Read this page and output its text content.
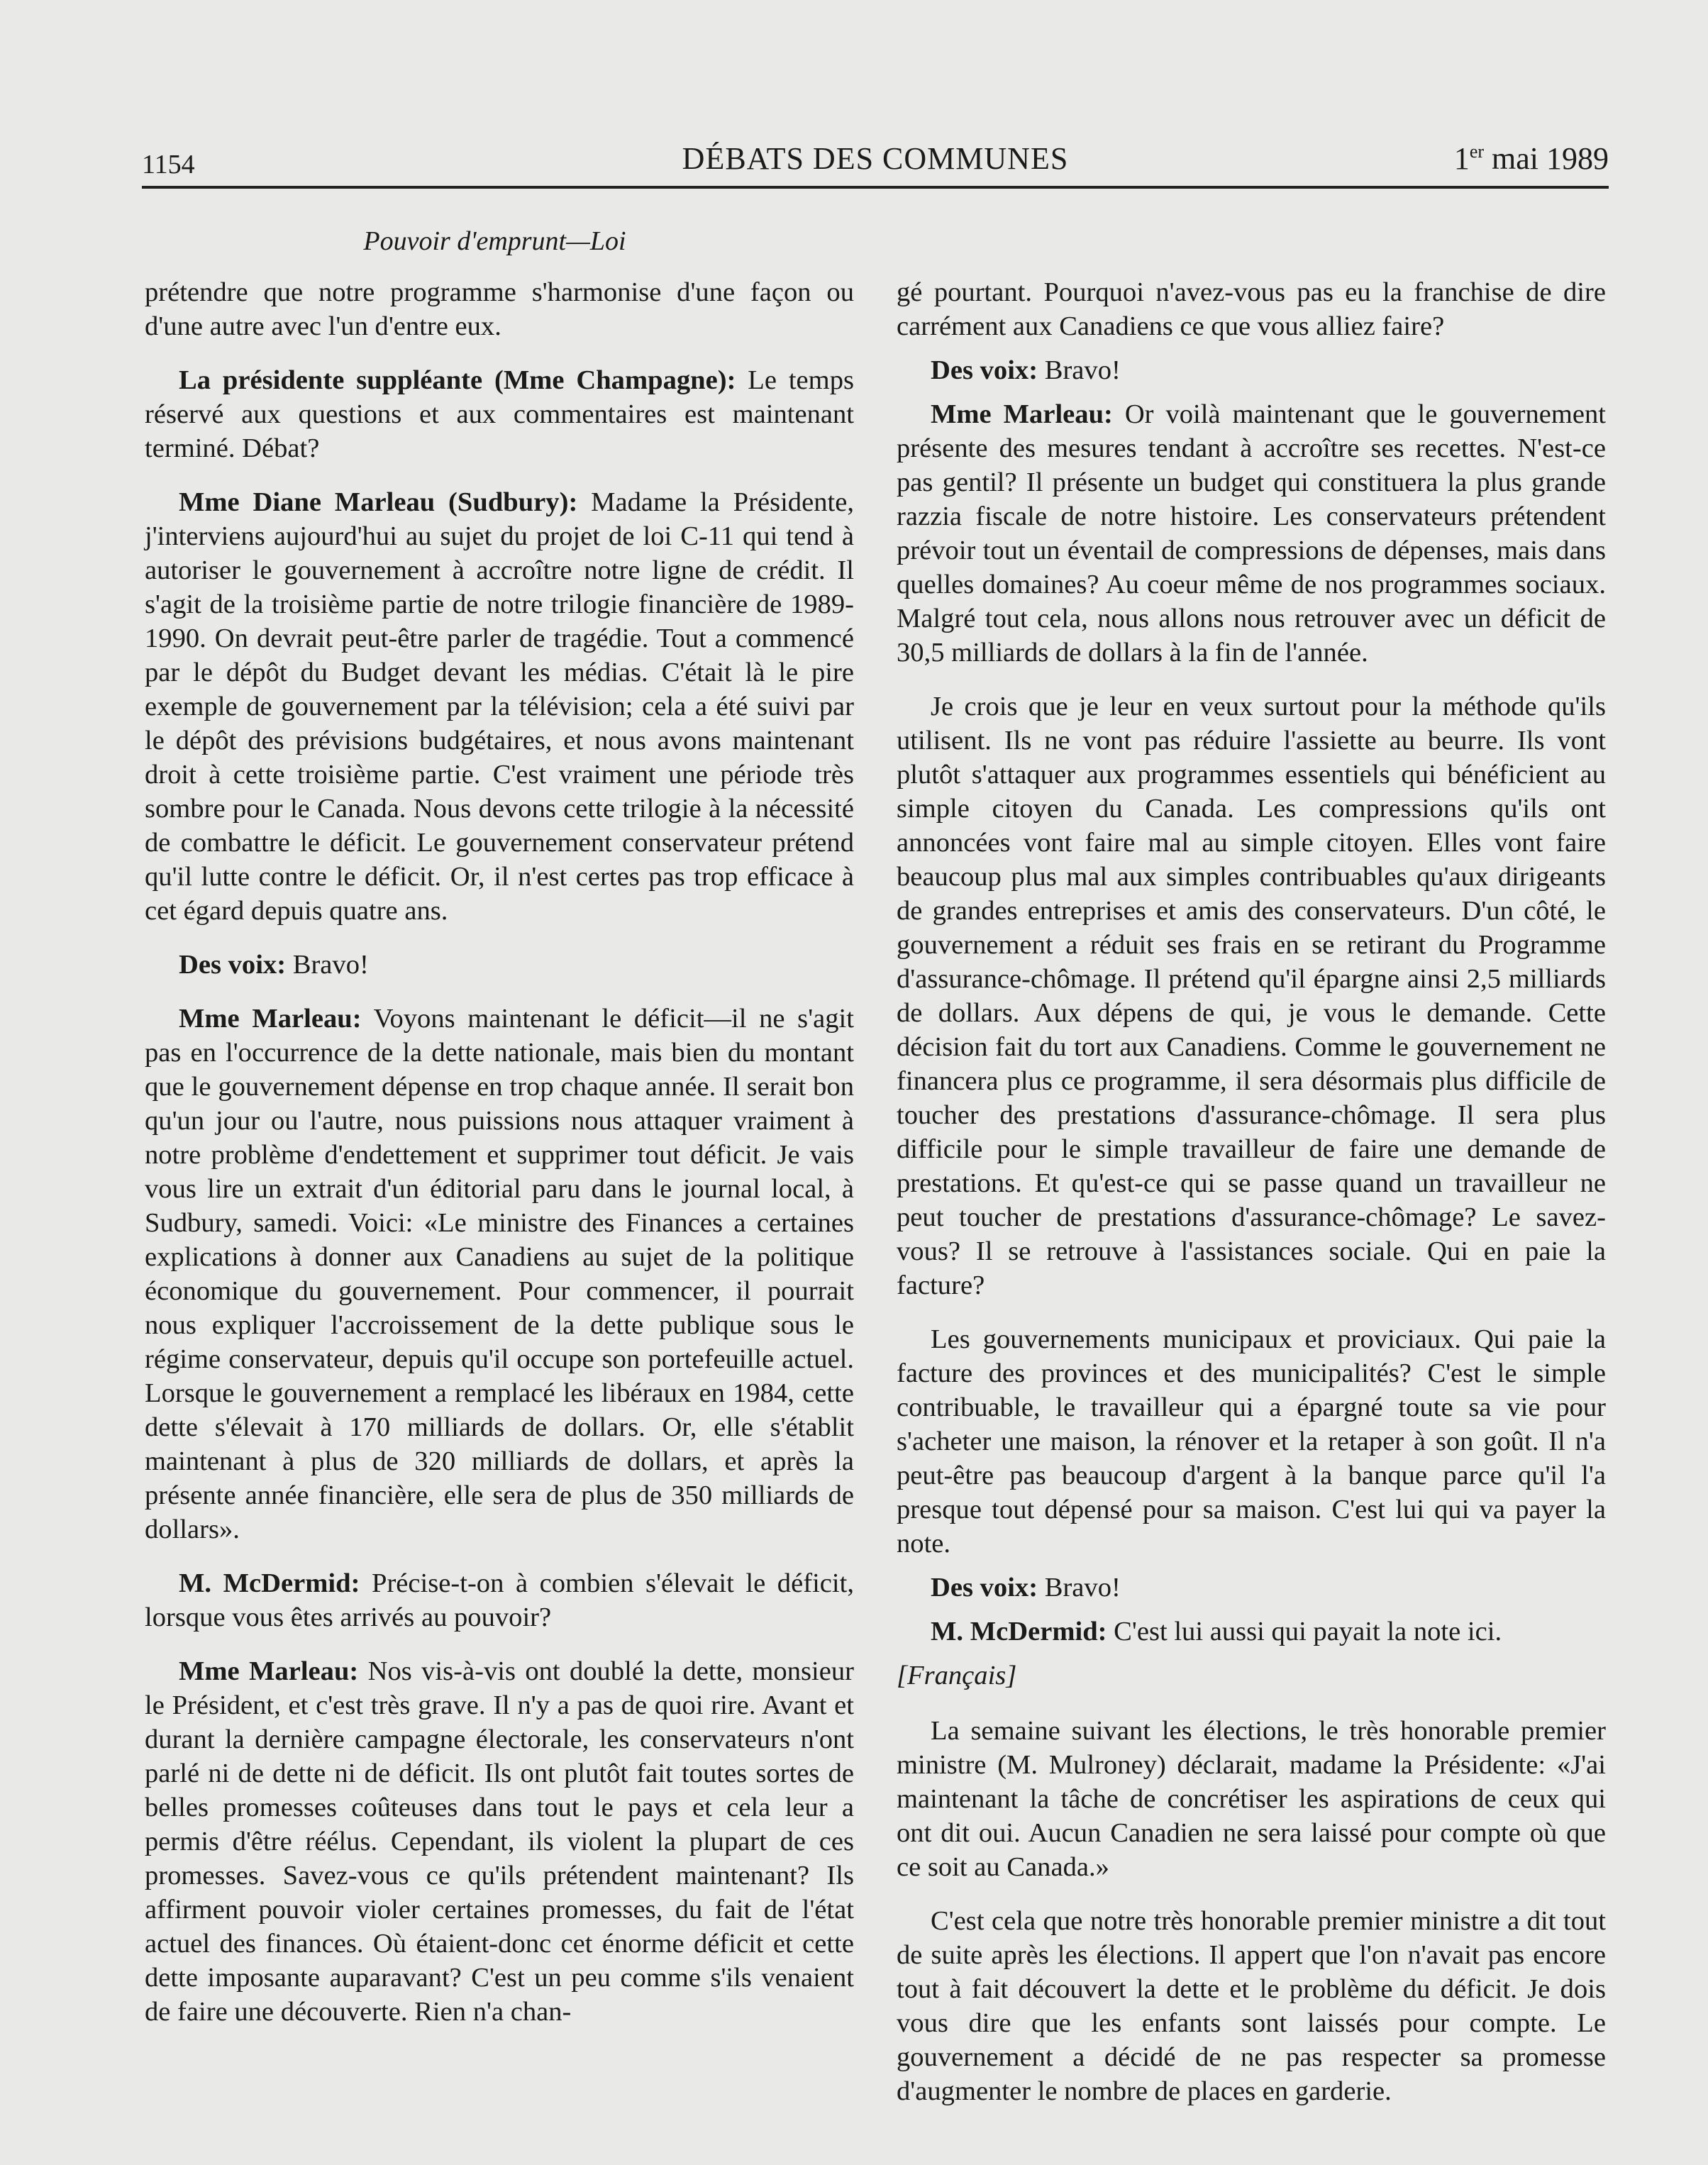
1154	DÉBATS DES COMMUNES	1er mai 1989
Pouvoir d'emprunt—Loi

prétendre que notre programme s'harmonise d'une façon ou d'une autre avec l'un d'entre eux.

La présidente suppléante (Mme Champagne): Le temps réservé aux questions et aux commentaires est maintenant terminé. Débat?

Mme Diane Marleau (Sudbury): Madame la Présidente, j'interviens aujourd'hui au sujet du projet de loi C-11 qui tend à autoriser le gouvernement à accroître notre ligne de crédit. Il s'agit de la troisième partie de notre trilogie financière de 1989-1990. On devrait peut-être parler de tragédie. Tout a commencé par le dépôt du Budget devant les médias. C'était là le pire exemple de gouvernement par la télévision; cela a été suivi par le dépôt des prévisions budgétaires, et nous avons maintenant droit à cette troisième partie. C'est vraiment une période très sombre pour le Canada. Nous devons cette trilogie à la nécessité de combattre le déficit. Le gouvernement conservateur prétend qu'il lutte contre le déficit. Or, il n'est certes pas trop efficace à cet égard depuis quatre ans.

Des voix: Bravo!

Mme Marleau: Voyons maintenant le déficit—il ne s'agit pas en l'occurrence de la dette nationale, mais bien du montant que le gouvernement dépense en trop chaque année. Il serait bon qu'un jour ou l'autre, nous puissions nous attaquer vraiment à notre problème d'endettement et supprimer tout déficit. Je vais vous lire un extrait d'un éditorial paru dans le journal local, à Sudbury, samedi. Voici: «Le ministre des Finances a certaines explications à donner aux Canadiens au sujet de la politique économique du gouvernement. Pour commencer, il pourrait nous expliquer l'accroissement de la dette publique sous le régime conservateur, depuis qu'il occupe son portefeuille actuel. Lorsque le gouvernement a remplacé les libéraux en 1984, cette dette s'élevait à 170 milliards de dollars. Or, elle s'établit maintenant à plus de 320 milliards de dollars, et après la présente année financière, elle sera de plus de 350 milliards de dollars».

M. McDermid: Précise-t-on à combien s'élevait le déficit, lorsque vous êtes arrivés au pouvoir?

Mme Marleau: Nos vis-à-vis ont doublé la dette, monsieur le Président, et c'est très grave. Il n'y a pas de quoi rire. Avant et durant la dernière campagne électorale, les conservateurs n'ont parlé ni de dette ni de déficit. Ils ont plutôt fait toutes sortes de belles promesses coûteuses dans tout le pays et cela leur a permis d'être réélus. Cependant, ils violent la plupart de ces promesses. Savez-vous ce qu'ils prétendent maintenant? Ils affirment pouvoir violer certaines promesses, du fait de l'état actuel des finances. Où étaient-donc cet énorme déficit et cette dette imposante auparavant? C'est un peu comme s'ils venaient de faire une découverte. Rien n'a chan-

gé pourtant. Pourquoi n'avez-vous pas eu la franchise de dire carrément aux Canadiens ce que vous alliez faire?

Des voix: Bravo!

Mme Marleau: Or voilà maintenant que le gouvernement présente des mesures tendant à accroître ses recettes. N'est-ce pas gentil? Il présente un budget qui constituera la plus grande razzia fiscale de notre histoire. Les conservateurs prétendent prévoir tout un éventail de compressions de dépenses, mais dans quelles domaines? Au coeur même de nos programmes sociaux. Malgré tout cela, nous allons nous retrouver avec un déficit de 30,5 milliards de dollars à la fin de l'année.

Je crois que je leur en veux surtout pour la méthode qu'ils utilisent. Ils ne vont pas réduire l'assiette au beurre. Ils vont plutôt s'attaquer aux programmes essentiels qui bénéficient au simple citoyen du Canada. Les compressions qu'ils ont annoncées vont faire mal au simple citoyen. Elles vont faire beaucoup plus mal aux simples contribuables qu'aux dirigeants de grandes entreprises et amis des conservateurs. D'un côté, le gouvernement a réduit ses frais en se retirant du Programme d'assurance-chômage. Il prétend qu'il épargne ainsi 2,5 milliards de dollars. Aux dépens de qui, je vous le demande. Cette décision fait du tort aux Canadiens. Comme le gouvernement ne financera plus ce programme, il sera désormais plus difficile de toucher des prestations d'assurance-chômage. Il sera plus difficile pour le simple travailleur de faire une demande de prestations. Et qu'est-ce qui se passe quand un travailleur ne peut toucher de prestations d'assurance-chômage? Le savez-vous? Il se retrouve à l'assistances sociale. Qui en paie la facture?

Les gouvernements municipaux et proviciaux. Qui paie la facture des provinces et des municipalités? C'est le simple contribuable, le travailleur qui a épargné toute sa vie pour s'acheter une maison, la rénover et la retaper à son goût. Il n'a peut-être pas beaucoup d'argent à la banque parce qu'il l'a presque tout dépensé pour sa maison. C'est lui qui va payer la note.

Des voix: Bravo!

M. McDermid: C'est lui aussi qui payait la note ici.

[Français]

La semaine suivant les élections, le très honorable premier ministre (M. Mulroney) déclarait, madame la Présidente: «J'ai maintenant la tâche de concrétiser les aspirations de ceux qui ont dit oui. Aucun Canadien ne sera laissé pour compte où que ce soit au Canada.»

C'est cela que notre très honorable premier ministre a dit tout de suite après les élections. Il appert que l'on n'avait pas encore tout à fait découvert la dette et le problème du déficit. Je dois vous dire que les enfants sont laissés pour compte. Le gouvernement a décidé de ne pas respecter sa promesse d'augmenter le nombre de places en garderie.
